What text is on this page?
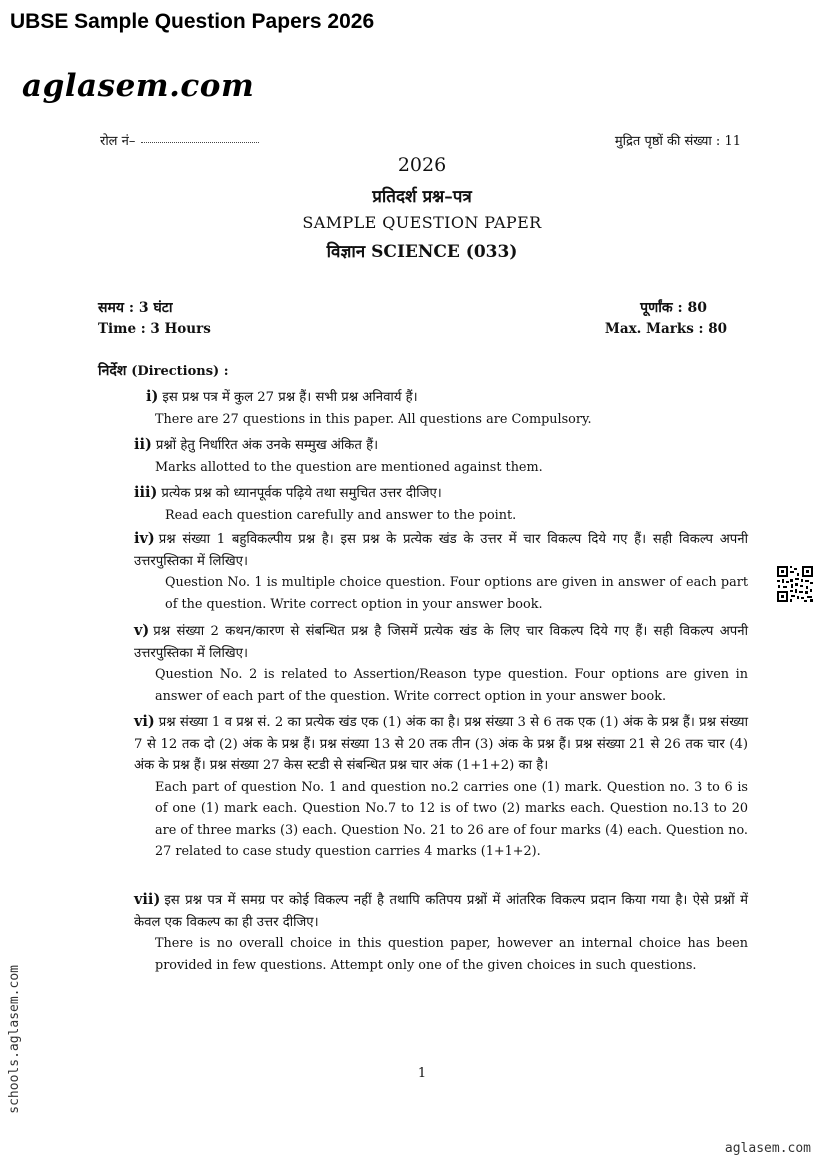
UBSE Sample Question Papers 2026
aglasem.com
रोल नं–	मुद्रित पृष्ठों की संख्या : 11
2026
प्रतिदर्श प्रश्न–पत्र
SAMPLE QUESTION PAPER
विज्ञान SCIENCE (033)
समय : 3 घंटा
Time : 3 Hours
पूर्णांक : 80
Max. Marks : 80
निर्देश (Directions) :

i) इस प्रश्न पत्र में कुल 27 प्रश्न हैं। सभी प्रश्न अनिवार्य हैं।

There are 27 questions in this paper. All questions are Compulsory.

ii) प्रश्नों हेतु निर्धारित अंक उनके सम्मुख अंकित हैं।

Marks allotted to the question are mentioned against them.

iii) प्रत्येक प्रश्न को ध्यानपूर्वक पढ़िये तथा समुचित उत्तर दीजिए।

Read each question carefully and answer to the point.

iv) प्रश्न संख्या 1 बहुविकल्पीय प्रश्न है। इस प्रश्न के प्रत्येक खंड के उत्तर में चार विकल्प दिये गए हैं। सही विकल्प अपनी उत्तरपुस्तिका में लिखिए।

Question No. 1 is multiple choice question. Four options are given in answer of each part of the question. Write correct option in your answer book.

v) प्रश्न संख्या 2 कथन/कारण से संबन्धित प्रश्न है जिसमें प्रत्येक खंड के लिए चार विकल्प दिये गए हैं। सही विकल्प अपनी उत्तरपुस्तिका में लिखिए।

Question No. 2 is related to Assertion/Reason type question. Four options are given in answer of each part of the question. Write correct option in your answer book.

vi) प्रश्न संख्या 1 व प्रश्न सं. 2 का प्रत्येक खंड एक (1) अंक का है। प्रश्न संख्या 3 से 6 तक एक (1) अंक के प्रश्न हैं। प्रश्न संख्या 7 से 12 तक दो (2) अंक के प्रश्न हैं। प्रश्न संख्या 13 से 20 तक तीन (3) अंक के प्रश्न हैं। प्रश्न संख्या 21 से 26 तक चार (4) अंक के प्रश्न हैं। प्रश्न संख्या 27 केस स्टडी से संबन्धित प्रश्न चार अंक (1+1+2) का है।

Each part of question No. 1 and question no.2 carries one (1) mark. Question no. 3 to 6 is of one (1) mark each. Question No.7 to 12 is of two (2) marks each. Question no.13 to 20 are of three marks (3) each. Question No. 21 to 26 are of four marks (4) each. Question no. 27 related to case study question carries 4 marks (1+1+2).

vii) इस प्रश्न पत्र में समग्र पर कोई विकल्प नहीं है तथापि कतिपय प्रश्नों में आंतरिक विकल्प प्रदान किया गया है। ऐसे प्रश्नों में केवल एक विकल्प का ही उत्तर दीजिए।

There is no overall choice in this question paper, however an internal choice has been provided in few questions. Attempt only one of the given choices in such questions.

schools.aglasem.com	1
aglasem.com
